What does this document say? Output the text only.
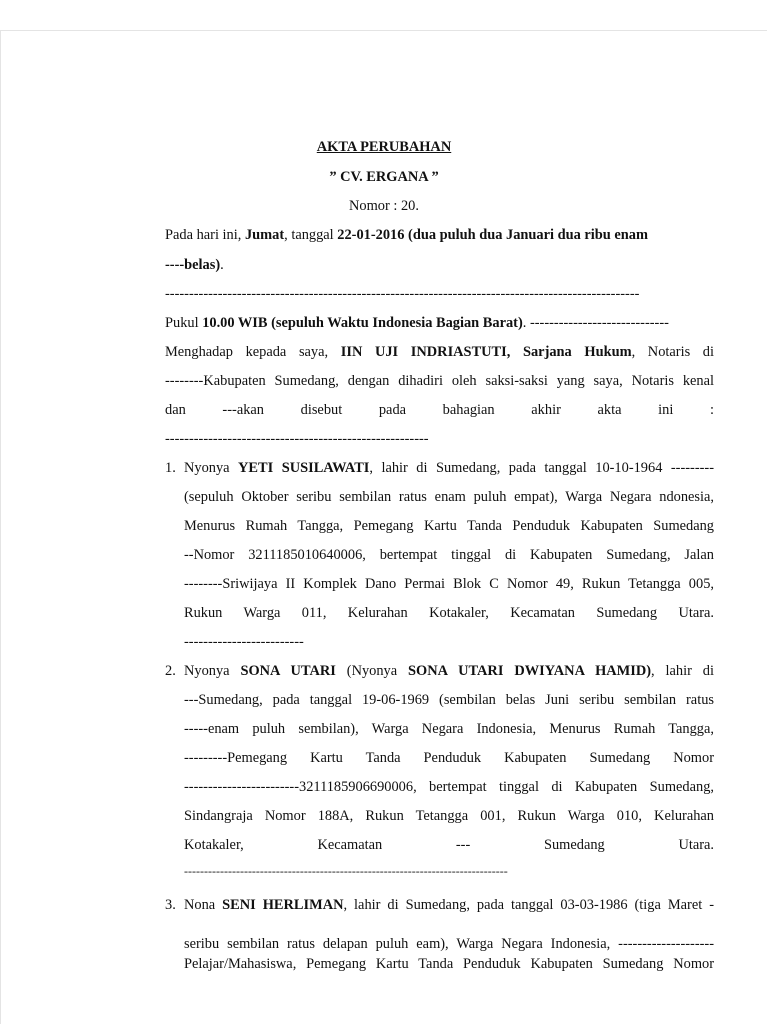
AKTA PERUBAHAN
” CV. ERGANA ”
Nomor : 20.
Pada hari ini, Jumat, tanggal 22-01-2016 (dua puluh dua Januari dua ribu enam
----belas).
---------------------------------------------------------------------------------------------------
Pukul 10.00 WIB (sepuluh Waktu Indonesia Bagian Barat). -----------------------------
Menghadap kepada saya, IIN UJI INDRIASTUTI, Sarjana Hukum, Notaris di
--------Kabupaten Sumedang, dengan dihadiri oleh saksi-saksi yang saya, Notaris kenal
dan ---akan disebut pada bahagian akhir akta ini :
-------------------------------------------------------
1. Nyonya YETI SUSILAWATI, lahir di Sumedang, pada tanggal 10-10-1964 ---------
(sepuluh Oktober seribu sembilan ratus enam puluh empat), Warga Negara ndonesia,
Menurus Rumah Tangga, Pemegang Kartu Tanda Penduduk Kabupaten Sumedang
--Nomor 3211185010640006, bertempat tinggal di Kabupaten Sumedang, Jalan
--------Sriwijaya II Komplek Dano Permai Blok C Nomor 49, Rukun Tetangga 005,
Rukun Warga 011, Kelurahan Kotakaler, Kecamatan Sumedang Utara.
-------------------------
2. Nyonya SONA UTARI (Nyonya SONA UTARI DWIYANA HAMID), lahir di
---Sumedang, pada tanggal 19-06-1969 (sembilan belas Juni seribu sembilan ratus
-----enam puluh sembilan), Warga Negara Indonesia, Menurus Rumah Tangga,
---------Pemegang Kartu Tanda Penduduk Kabupaten Sumedang Nomor
------------------------3211185906690006, bertempat tinggal di Kabupaten Sumedang,
Sindangraja Nomor 188A, Rukun Tetangga 001, Rukun Warga 010, Kelurahan
Kotakaler, Kecamatan --- Sumedang Utara.
---------------------------------------------------------------------------------
3. Nona SENI HERLIMAN, lahir di Sumedang, pada tanggal 03-03-1986 (tiga Maret -
seribu sembilan ratus delapan puluh eam), Warga Negara Indonesia, --------------------
Pelajar/Mahasiswa, Pemegang Kartu Tanda Penduduk Kabupaten Sumedang Nomor
